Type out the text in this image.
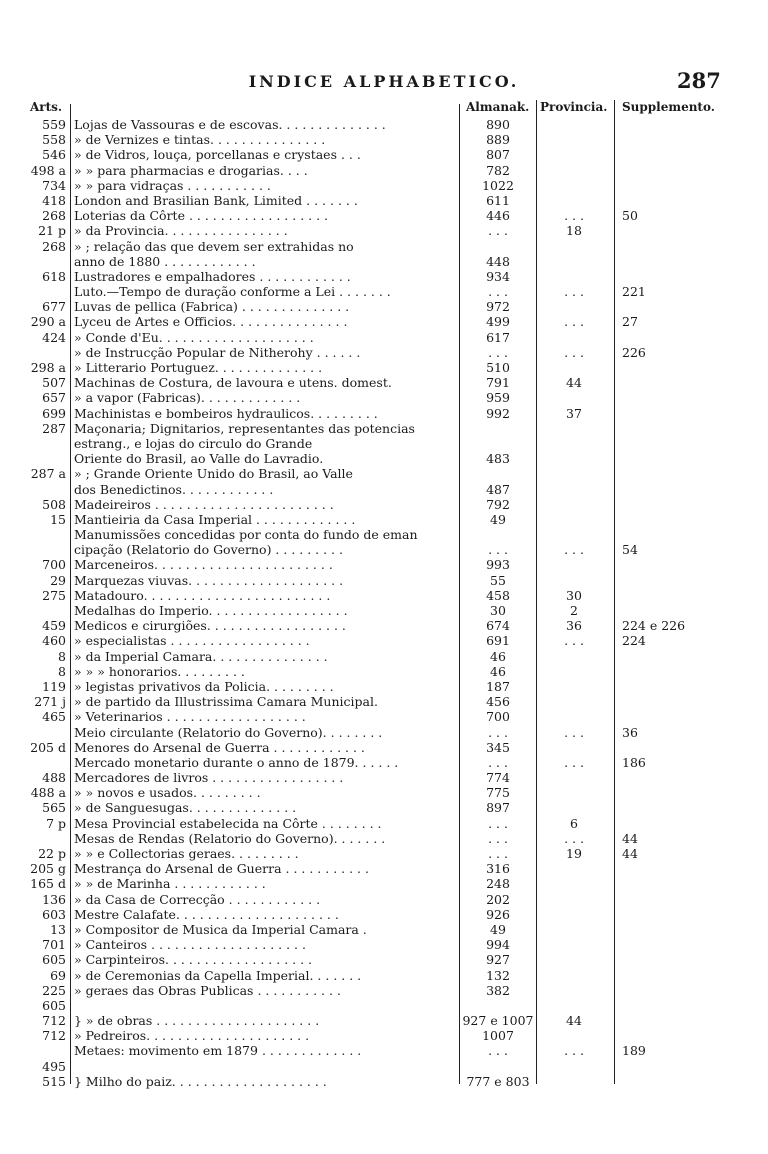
INDICE ALPHABETICO.	287
Arts.	Almanak. Provincia. Supplemento.
559 Lojas de Vassouras e de escovas. . . . . . . . . . . . . .	890
558 » de Vernizes e tintas. . . . . . . . . . . . . . .	889
546 » de Vidros, louça, porcellanas e crystaes . . .	807
498 a » » para pharmacias e drogarias. . . .	782
734 » » para vidraças . . . . . . . . . . .	1022
418 London and Brasilian Bank, Limited . . . . . . .	611
268 Loterias da Côrte . . . . . . . . . . . . . . . . . .	446	. . .	50
21 p » da Provincia. . . . . . . . . . . . . . . .	. . .	18
268 » ; relação das que devem ser extrahidas no
anno de 1880 . . . . . . . . . . . .	448
618 Lustradores e empalhadores . . . . . . . . . . . .	934
Luto.—Tempo de duração conforme a Lei . . . . . . .	. . .	. . .	221
677 Luvas de pellica (Fabrica) . . . . . . . . . . . . . .	972
290 a Lyceu de Artes e Officios. . . . . . . . . . . . . . .	499	. . .	27
424 » Conde d'Eu. . . . . . . . . . . . . . . . . . . .	617
» de Instrucção Popular de Nitherohy . . . . . .	. . .	. . .	226
298 a » Litterario Portuguez. . . . . . . . . . . . . .	510
507 Machinas de Costura, de lavoura e utens. domest.	791	44
657 » a vapor (Fabricas). . . . . . . . . . . . .	959
699 Machinistas e bombeiros hydraulicos. . . . . . . . .	992	37
287 Maçonaria; Dignitarios, representantes das potencias
estrang., e lojas do circulo do Grande
Oriente do Brasil, ao Valle do Lavradio.	483
287 a » ; Grande Oriente Unido do Brasil, ao Valle
dos Benedictinos. . . . . . . . . . . .	487
508 Madeireiros . . . . . . . . . . . . . . . . . . . . . . .	792
15 Mantieiria da Casa Imperial . . . . . . . . . . . . .	49
Manumissões concedidas por conta do fundo de eman
cipação (Relatorio do Governo) . . . . . . . . .	. . .	. . .	54
700 Marceneiros. . . . . . . . . . . . . . . . . . . . . . .	993
29 Marquezas viuvas. . . . . . . . . . . . . . . . . . . .	55
275 Matadouro. . . . . . . . . . . . . . . . . . . . . . . .	458	30
Medalhas do Imperio. . . . . . . . . . . . . . . . . .	30	2
459 Medicos e cirurgiões. . . . . . . . . . . . . . . . . .	674	36	224 e 226
460 » especialistas . . . . . . . . . . . . . . . . . .	691	. . .	224
8 » da Imperial Camara. . . . . . . . . . . . . . .	46
8 » » » honorarios. . . . . . . . .	46
119 » legistas privativos da Policia. . . . . . . . .	187
271 j » de partido da Illustrissima Camara Municipal.	456
465 » Veterinarios . . . . . . . . . . . . . . . . . .	700
Meio circulante (Relatorio do Governo). . . . . . . .	. . .	. . .	36
205 d Menores do Arsenal de Guerra . . . . . . . . . . . .	345
Mercado monetario durante o anno de 1879. . . . . .	. . .	. . .	186
488 Mercadores de livros . . . . . . . . . . . . . . . . .	774
488 a » » novos e usados. . . . . . . . .	775
565 » de Sanguesugas. . . . . . . . . . . . . .	897
7 p Mesa Provincial estabelecida na Côrte . . . . . . . .	. . .	6
Mesas de Rendas (Relatorio do Governo). . . . . . .	. . .	. . .	44
22 p » » e Collectorias geraes. . . . . . . . .	. . .	19	44
205 g Mestrança do Arsenal de Guerra . . . . . . . . . . .	316
165 d » » de Marinha . . . . . . . . . . . .	248
136 » da Casa de Correcção . . . . . . . . . . . .	202
603 Mestre Calafate. . . . . . . . . . . . . . . . . . . . .	926
13 » Compositor de Musica da Imperial Camara .	49
701 » Canteiros . . . . . . . . . . . . . . . . . . . .	994
605 » Carpinteiros. . . . . . . . . . . . . . . . . . .	927
69 » de Ceremonias da Capella Imperial. . . . . . .	132
225 » geraes das Obras Publicas . . . . . . . . . . .	382
605
712 } » de obras . . . . . . . . . . . . . . . . . . . . .	927 e 1007	44
712 » Pedreiros. . . . . . . . . . . . . . . . . . . . .	1007
Metaes: movimento em 1879 . . . . . . . . . . . . .	. . .	. . .	189
495
515 } Milho do paiz. . . . . . . . . . . . . . . . . . . .	777 e 803
